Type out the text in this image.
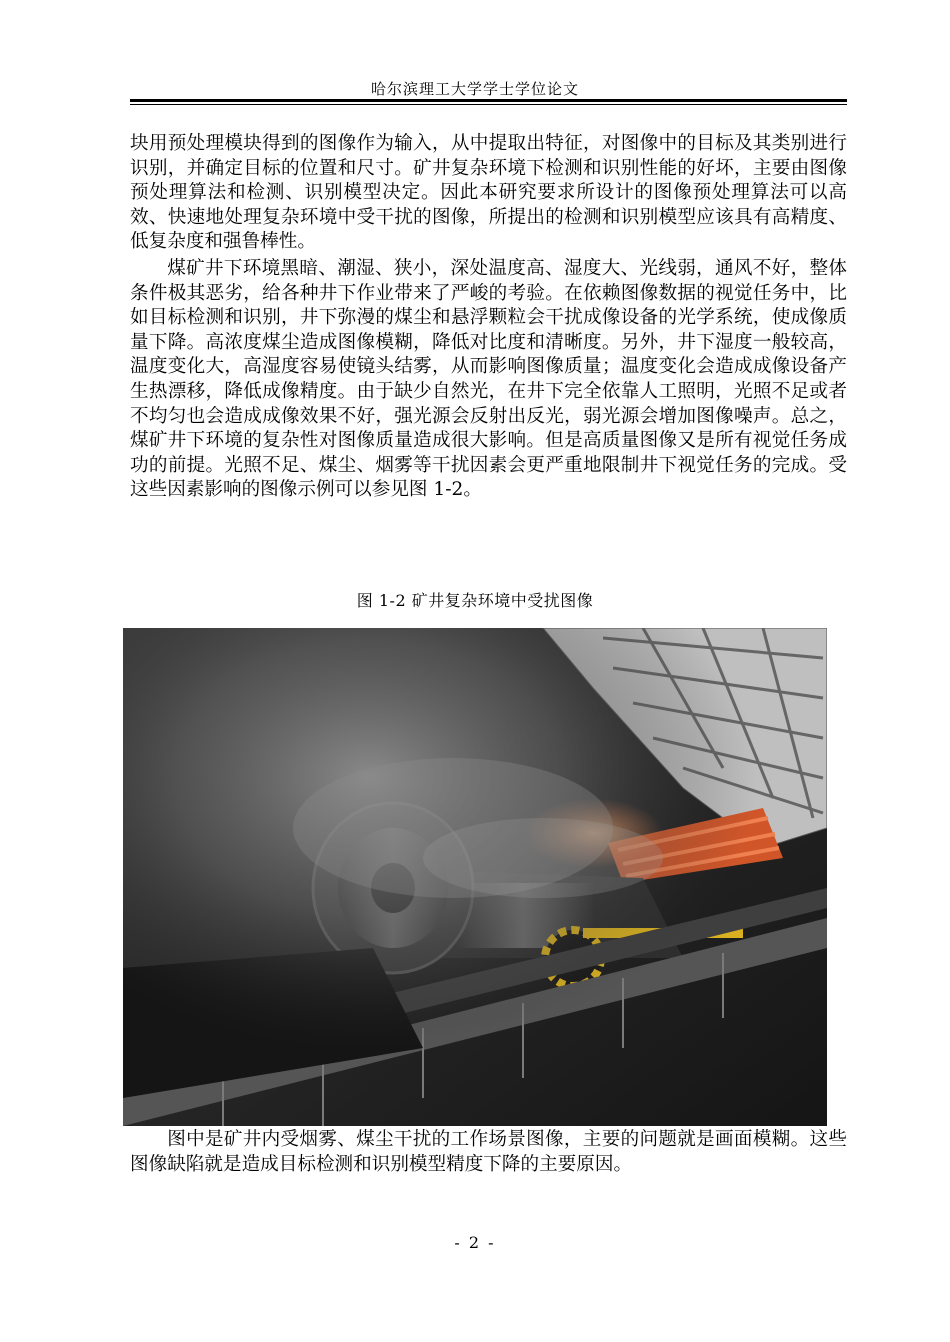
哈尔滨理工大学学士学位论文

块用预处理模块得到的图像作为输入，从中提取出特征，对图像中的目标及其类别进行识别，并确定目标的位置和尺寸。矿井复杂环境下检测和识别性能的好坏，主要由图像预处理算法和检测、识别模型决定。因此本研究要求所设计的图像预处理算法可以高效、快速地处理复杂环境中受干扰的图像，所提出的检测和识别模型应该具有高精度、低复杂度和强鲁棒性。

煤矿井下环境黑暗、潮湿、狭小，深处温度高、湿度大、光线弱，通风不好，整体条件极其恶劣，给各种井下作业带来了严峻的考验。在依赖图像数据的视觉任务中，比如目标检测和识别，井下弥漫的煤尘和悬浮颗粒会干扰成像设备的光学系统，使成像质量下降。高浓度煤尘造成图像模糊，降低对比度和清晰度。另外，井下湿度一般较高，温度变化大，高湿度容易使镜头结雾，从而影响图像质量；温度变化会造成成像设备产生热漂移，降低成像精度。由于缺少自然光，在井下完全依靠人工照明，光照不足或者不均匀也会造成成像效果不好，强光源会反射出反光，弱光源会增加图像噪声。总之，煤矿井下环境的复杂性对图像质量造成很大影响。但是高质量图像又是所有视觉任务成功的前提。光照不足、煤尘、烟雾等干扰因素会更严重地限制井下视觉任务的完成。受这些因素影响的图像示例可以参见图 1-2。

图 1-2 矿井复杂环境中受扰图像

图中是矿井内受烟雾、煤尘干扰的工作场景图像，主要的问题就是画面模糊。这些图像缺陷就是造成目标检测和识别模型精度下降的主要原因。

- 2 -
